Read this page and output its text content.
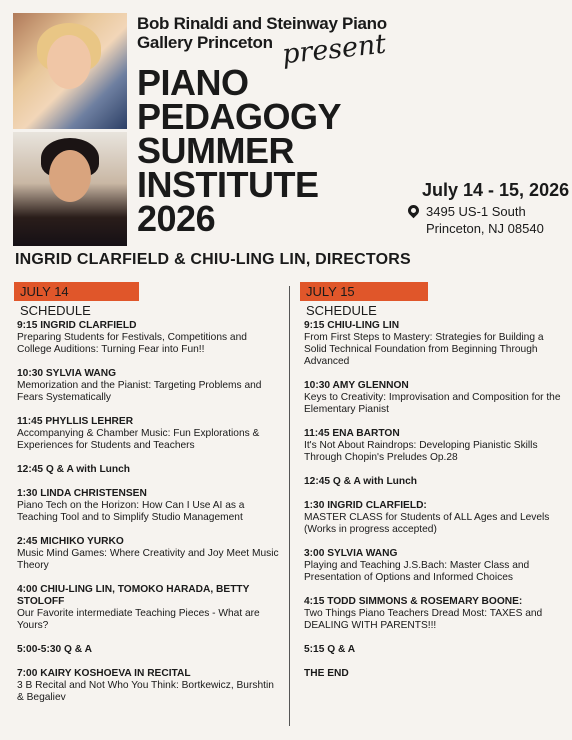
Bob Rinaldi and Steinway Piano
Gallery Princeton present
PIANO
PEDAGOGY
SUMMER
INSTITUTE
2026
July 14 - 15, 2026
3495 US-1 South
Princeton, NJ 08540
INGRID CLARFIELD & CHIU-LING LIN, DIRECTORS
JULY 14 SCHEDULE
JULY 15 SCHEDULE
9:15 INGRID CLARFIELD
Preparing Students for Festivals, Competitions and College Auditions: Turning Fear into Fun!!
10:30 SYLVIA WANG
Memorization and the Pianist: Targeting Problems and Fears Systematically
11:45 PHYLLIS LEHRER
Accompanying & Chamber Music: Fun Explorations & Experiences for Students and Teachers
12:45 Q & A with Lunch
1:30 LINDA CHRISTENSEN
Piano Tech on the Horizon: How Can I Use AI as a Teaching Tool and to Simplify Studio Management
2:45 MICHIKO YURKO
Music Mind Games: Where Creativity and Joy Meet Music Theory
4:00 CHIU-LING LIN, TOMOKO HARADA, BETTY STOLOFF
Our Favorite intermediate Teaching Pieces - What are Yours?
5:00-5:30 Q & A
7:00 KAIRY KOSHOEVA IN RECITAL
3 B Recital and Not Who You Think: Bortkewicz, Burshtin & Begaliev
9:15 CHIU-LING LIN
From First Steps to Mastery: Strategies for Building a Solid Technical Foundation from Beginning Through Advanced
10:30 AMY GLENNON
Keys to Creativity: Improvisation and Composition for the Elementary Pianist
11:45 ENA BARTON
It's Not About Raindrops: Developing Pianistic Skills Through Chopin's Preludes Op.28
12:45 Q & A with Lunch
1:30 INGRID CLARFIELD:
MASTER CLASS for Students of ALL Ages and Levels (Works in progress accepted)
3:00 SYLVIA WANG
Playing and Teaching J.S.Bach: Master Class and Presentation of Options and Informed Choices
4:15 TODD SIMMONS & ROSEMARY BOONE:
Two Things Piano Teachers Dread Most: TAXES and DEALING WITH PARENTS!!!
5:15 Q & A
THE END
